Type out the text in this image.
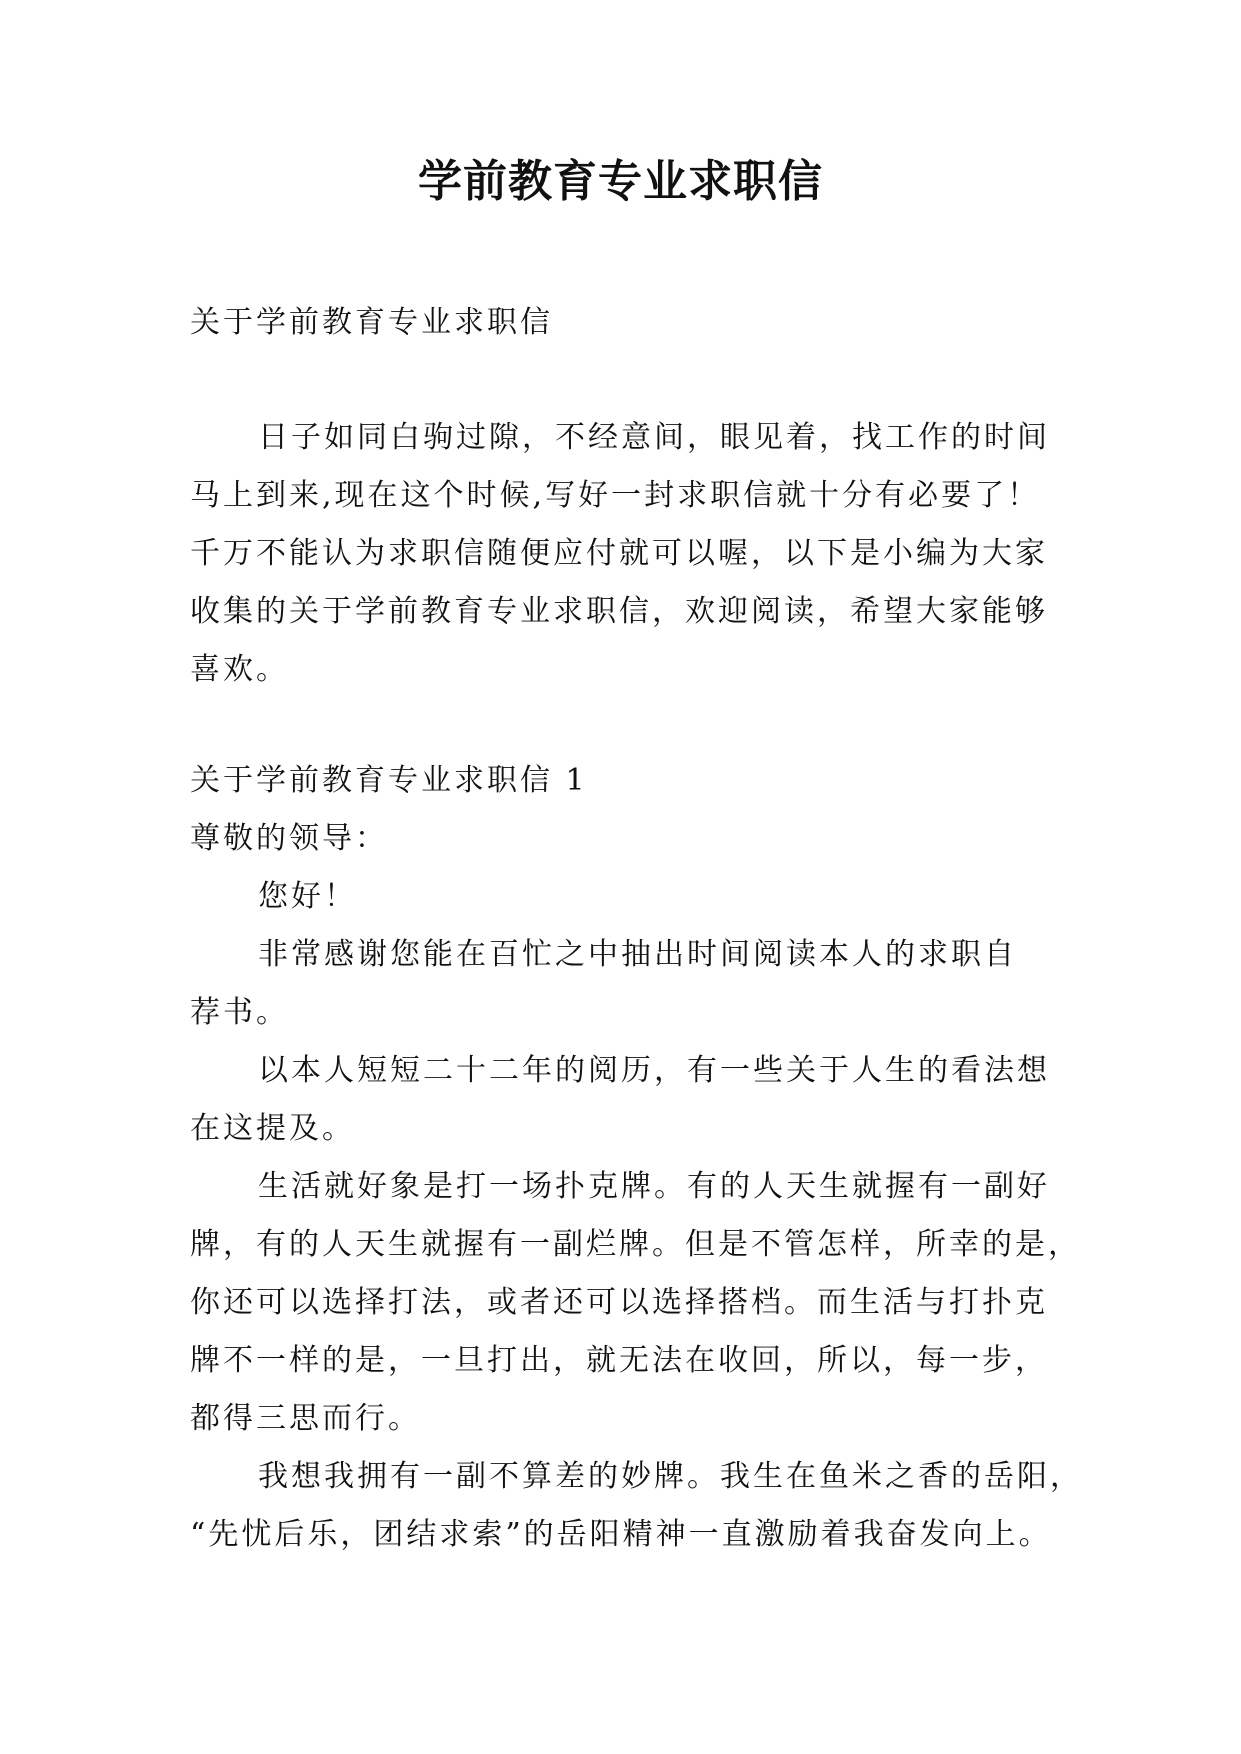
学前教育专业求职信
关于学前教育专业求职信
日子如同白驹过隙，不经意间，眼见着，找工作的时间
马上到来,现在这个时候,写好一封求职信就十分有必要了！
千万不能认为求职信随便应付就可以喔，以下是小编为大家
收集的关于学前教育专业求职信，欢迎阅读，希望大家能够
喜欢。
关于学前教育专业求职信 1
尊敬的领导：
您好！
非常感谢您能在百忙之中抽出时间阅读本人的求职自
荐书。
以本人短短二十二年的阅历，有一些关于人生的看法想
在这提及。
生活就好象是打一场扑克牌。有的人天生就握有一副好
牌，有的人天生就握有一副烂牌。但是不管怎样，所幸的是，
你还可以选择打法，或者还可以选择搭档。而生活与打扑克
牌不一样的是，一旦打出，就无法在收回，所以，每一步，
都得三思而行。
我想我拥有一副不算差的妙牌。我生在鱼米之香的岳阳，
“先忧后乐，团结求索”的岳阳精神一直激励着我奋发向上。
